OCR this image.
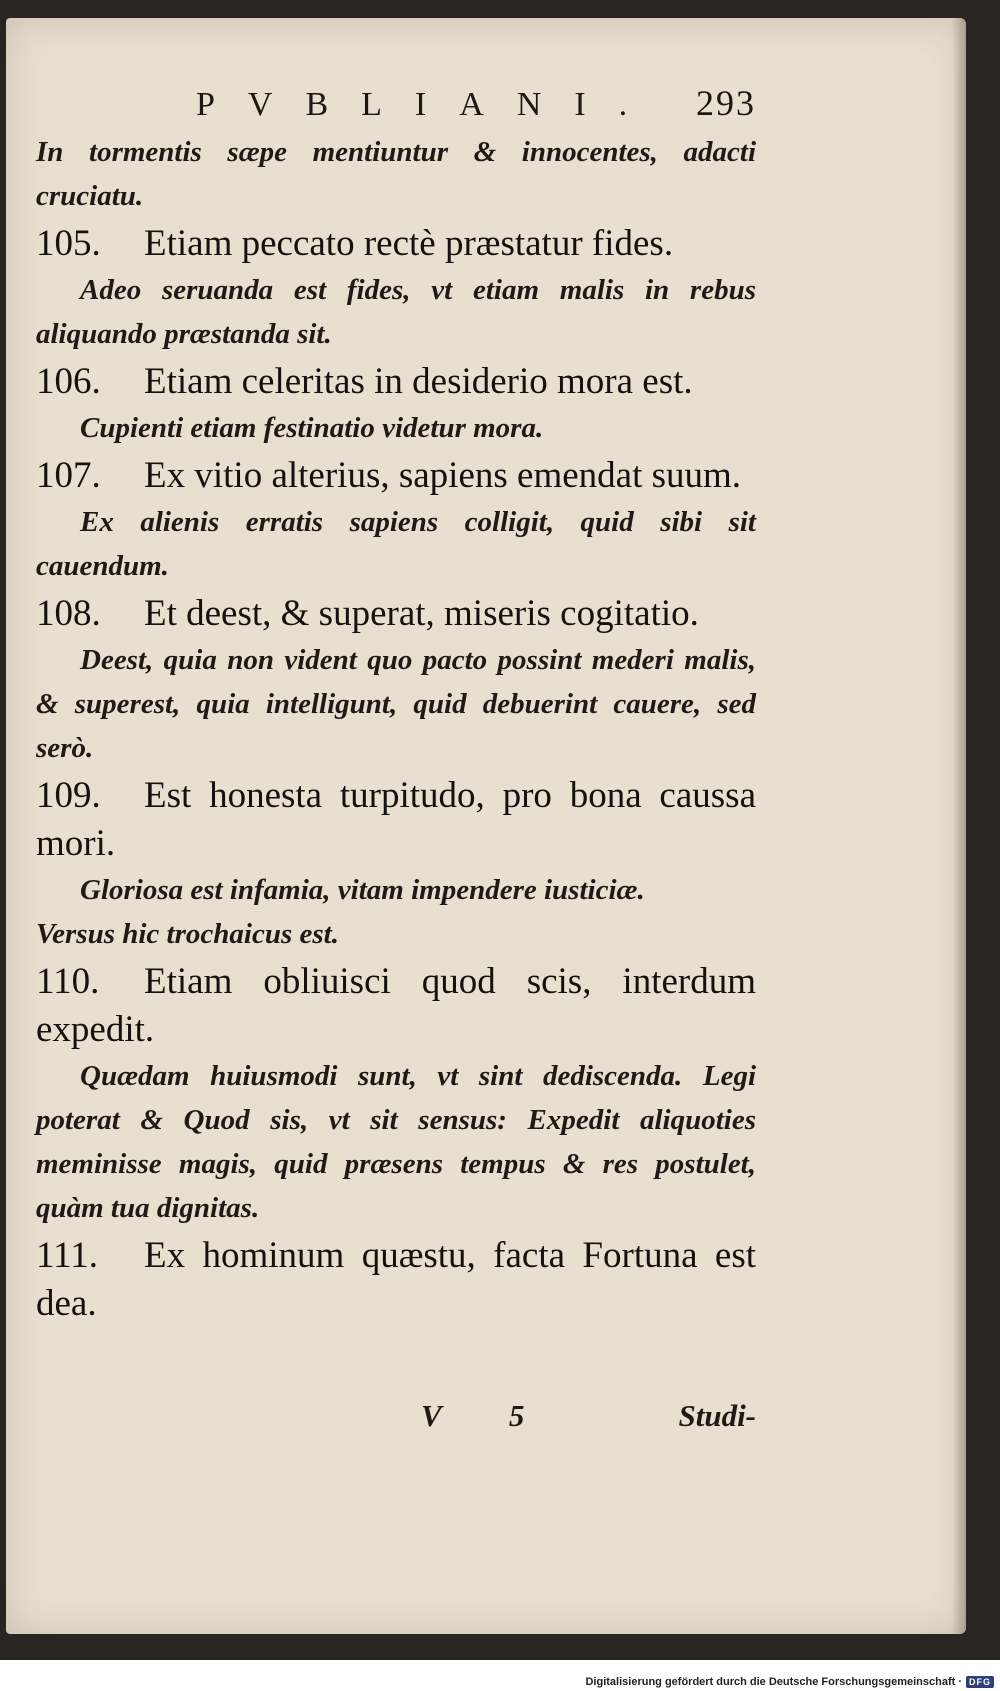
PVBLIANI. 293
In tormentis sæpe mentiuntur & innocentes, adacti cruciatu.
105. Etiam peccato rectè præstatur fides.
Adeo seruanda est fides, vt etiam malis in rebus aliquando præstanda sit.
106. Etiam celeritas in desiderio mora est.
Cupienti etiam festinatio videtur mora.
107. Ex vitio alterius, sapiens emendat suum.
Ex alienis erratis sapiens colligit, quid sibi sit cauendum.
108. Et deest, & superat, miseris cogitatio.
Deest, quia non vident quo pacto possint mederi malis, & superest, quia intelligunt, quid debuerint cauere, sed serò.
109. Est honesta turpitudo, pro bona caussa mori.
Gloriosa est infamia, vitam impendere iusticiæ.
Versus hic trochaicus est.
110. Etiam obliuisci quod scis, interdum expedit.
Quædam huiusmodi sunt, vt sint dediscenda. Legi poterat & Quod sis, vt sit sensus: Expedit aliquoties meminisse magis, quid præsens tempus & res postulet, quàm tua dignitas.
111. Ex hominum quæstu, facta Fortuna est dea.
V 5	Studi-
Digitalisierung gefördert durch die Deutsche Forschungsgemeinschaft · DFG
